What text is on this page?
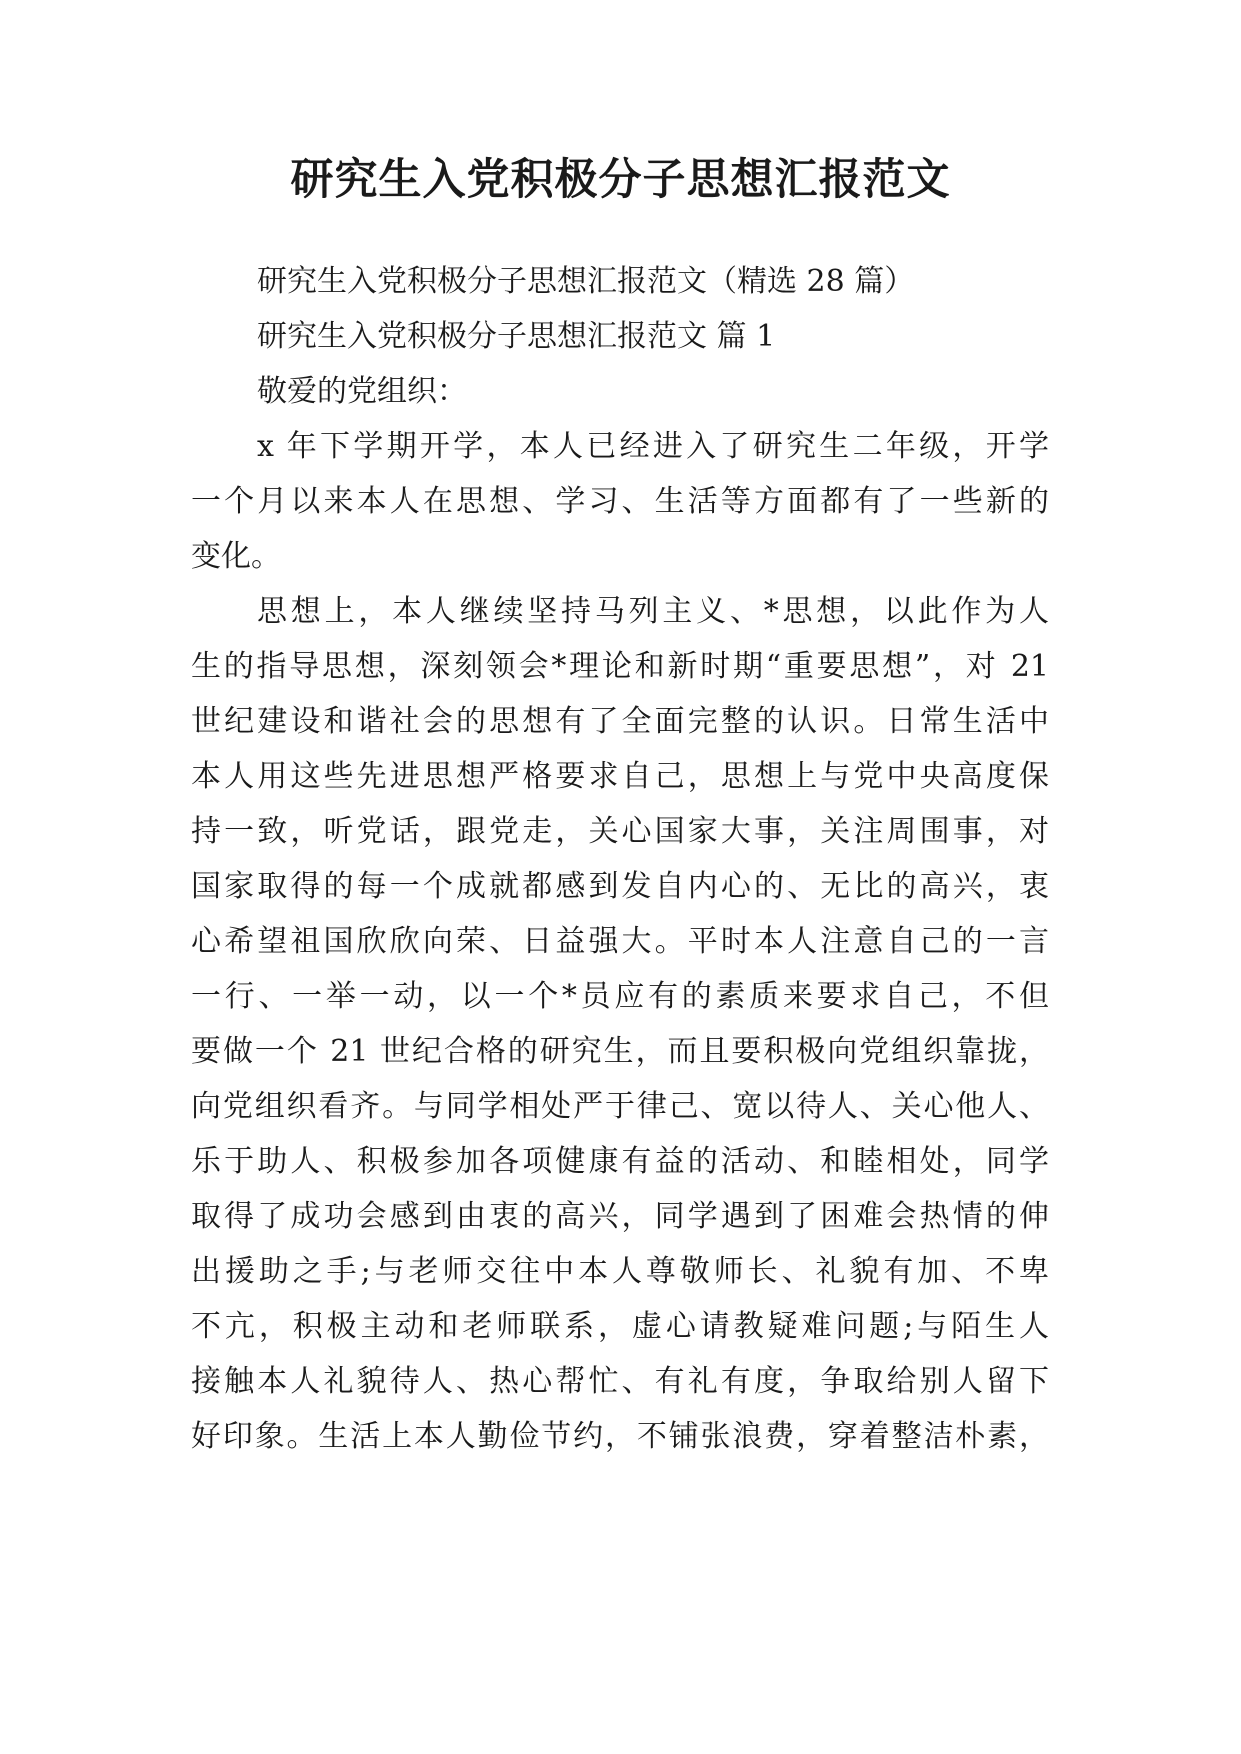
研究生入党积极分子思想汇报范文

研究生入党积极分子思想汇报范文（精选 28 篇）

研究生入党积极分子思想汇报范文 篇 1

敬爱的党组织：

x 年下学期开学，本人已经进入了研究生二年级，开学

一个月以来本人在思想、学习、生活等方面都有了一些新的

变化。

思想上，本人继续坚持马列主义、*思想，以此作为人

生的指导思想，深刻领会*理论和新时期“重要思想”，对 21

世纪建设和谐社会的思想有了全面完整的认识。日常生活中

本人用这些先进思想严格要求自己，思想上与党中央高度保

持一致，听党话，跟党走，关心国家大事，关注周围事，对

国家取得的每一个成就都感到发自内心的、无比的高兴，衷

心希望祖国欣欣向荣、日益强大。平时本人注意自己的一言

一行、一举一动，以一个*员应有的素质来要求自己，不但

要做一个 21 世纪合格的研究生，而且要积极向党组织靠拢，

向党组织看齐。与同学相处严于律己、宽以待人、关心他人、

乐于助人、积极参加各项健康有益的活动、和睦相处，同学

取得了成功会感到由衷的高兴，同学遇到了困难会热情的伸

出援助之手;与老师交往中本人尊敬师长、礼貌有加、不卑

不亢，积极主动和老师联系，虚心请教疑难问题;与陌生人

接触本人礼貌待人、热心帮忙、有礼有度，争取给别人留下

好印象。生活上本人勤俭节约，不铺张浪费，穿着整洁朴素，
